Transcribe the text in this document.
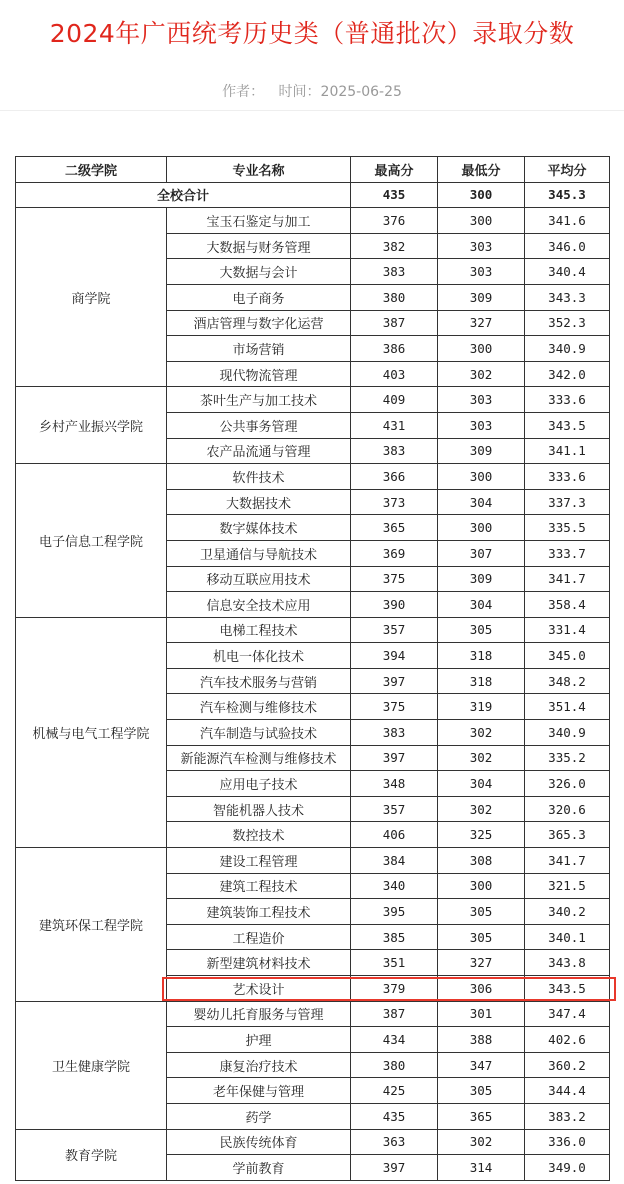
2024年广西统考历史类（普通批次）录取分数
作者： 时间：2025-06-25
二级学院	专业名称	最高分	最低分	平均分
全校合计		435	300	345.3
商学院	宝玉石鉴定与加工	376	300	341.6
	大数据与财务管理	382	303	346.0
	大数据与会计	383	303	340.4
	电子商务	380	309	343.3
	酒店管理与数字化运营	387	327	352.3
	市场营销	386	300	340.9
	现代物流管理	403	302	342.0
乡村产业振兴学院	茶叶生产与加工技术	409	303	333.6
	公共事务管理	431	303	343.5
	农产品流通与管理	383	309	341.1
电子信息工程学院	软件技术	366	300	333.6
	大数据技术	373	304	337.3
	数字媒体技术	365	300	335.5
	卫星通信与导航技术	369	307	333.7
	移动互联应用技术	375	309	341.7
	信息安全技术应用	390	304	358.4
机械与电气工程学院	电梯工程技术	357	305	331.4
	机电一体化技术	394	318	345.0
	汽车技术服务与营销	397	318	348.2
	汽车检测与维修技术	375	319	351.4
	汽车制造与试验技术	383	302	340.9
	新能源汽车检测与维修技术	397	302	335.2
	应用电子技术	348	304	326.0
	智能机器人技术	357	302	320.6
	数控技术	406	325	365.3
建筑环保工程学院	建设工程管理	384	308	341.7
	建筑工程技术	340	300	321.5
	建筑装饰工程技术	395	305	340.2
	工程造价	385	305	340.1
	新型建筑材料技术	351	327	343.8
	艺术设计	379	306	343.5
卫生健康学院	婴幼儿托育服务与管理	387	301	347.4
	护理	434	388	402.6
	康复治疗技术	380	347	360.2
	老年保健与管理	425	305	344.4
	药学	435	365	383.2
教育学院	民族传统体育	363	302	336.0
	学前教育	397	314	349.0
